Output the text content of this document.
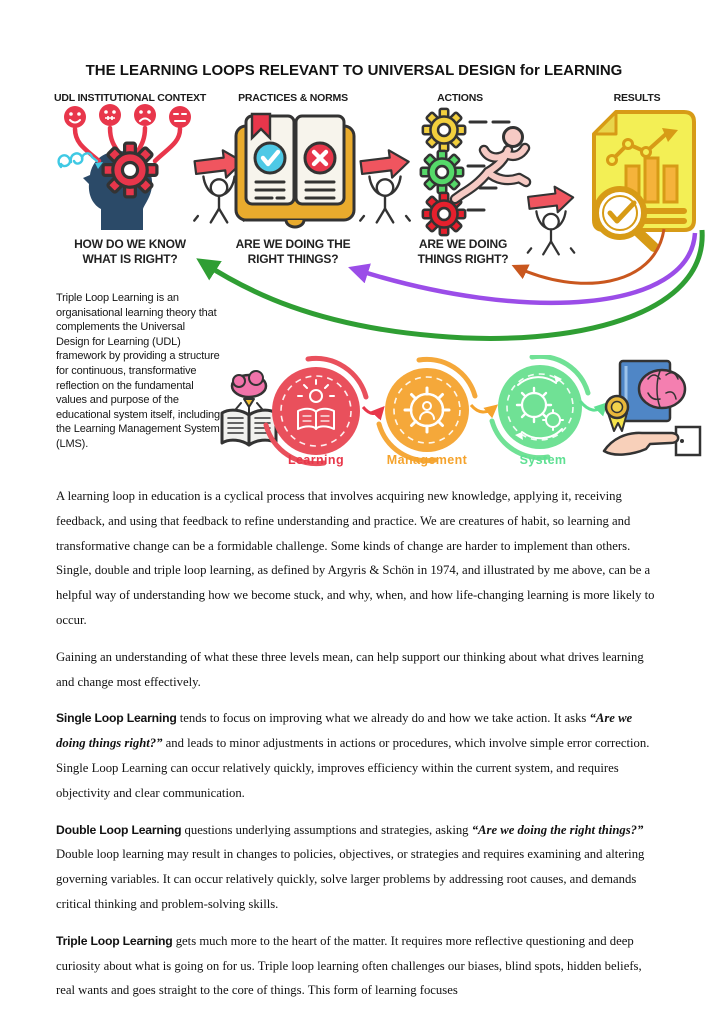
THE LEARNING LOOPS RELEVANT TO UNIVERSAL DESIGN for LEARNING
UDL INSTITUTIONAL CONTEXT	PRACTICES & NORMS	ACTIONS	RESULTS
HOW DO WE KNOW
WHAT IS RIGHT?
ARE WE DOING THE
RIGHT THINGS?
ARE WE DOING
THINGS RIGHT?
Triple Loop Learning is an organisational learning theory that complements the Universal Design for Learning (UDL) framework by providing a structure for continuous, transformative reflection on the fundamental values and purpose of the educational system itself, including the Learning Management System (LMS).
Learning	Management	System

A learning loop in education is a cyclical process that involves acquiring new knowledge, applying it, receiving feedback, and using that feedback to refine understanding and practice. We are creatures of habit, so learning and transformative change can be a formidable challenge. Some kinds of change are harder to implement than others. Single, double and triple loop learning, as defined by Argyris & Schön in 1974, and illustrated by me above, can be a helpful way of understanding how we become stuck, and why, when, and how life-changing learning is more likely to occur.

Gaining an understanding of what these three levels mean, can help support our thinking about what drives learning and change most effectively.

Single Loop Learning tends to focus on improving what we already do and how we take action. It asks “Are we doing things right?” and leads to minor adjustments in actions or procedures, which involve simple error correction. Single Loop Learning can occur relatively quickly, improves efficiency within the current system, and requires objectivity and clear communication.

Double Loop Learning questions underlying assumptions and strategies, asking “Are we doing the right things?” Double loop learning may result in changes to policies, objectives, or strategies and requires examining and altering governing variables. It can occur relatively quickly, solve larger problems by addressing root causes, and demands critical thinking and problem-solving skills.

Triple Loop Learning gets much more to the heart of the matter. It requires more reflective questioning and deep curiosity about what is going on for us. Triple loop learning often challenges our biases, blind spots, hidden beliefs, real wants and goes straight to the core of things. This form of learning focuses
